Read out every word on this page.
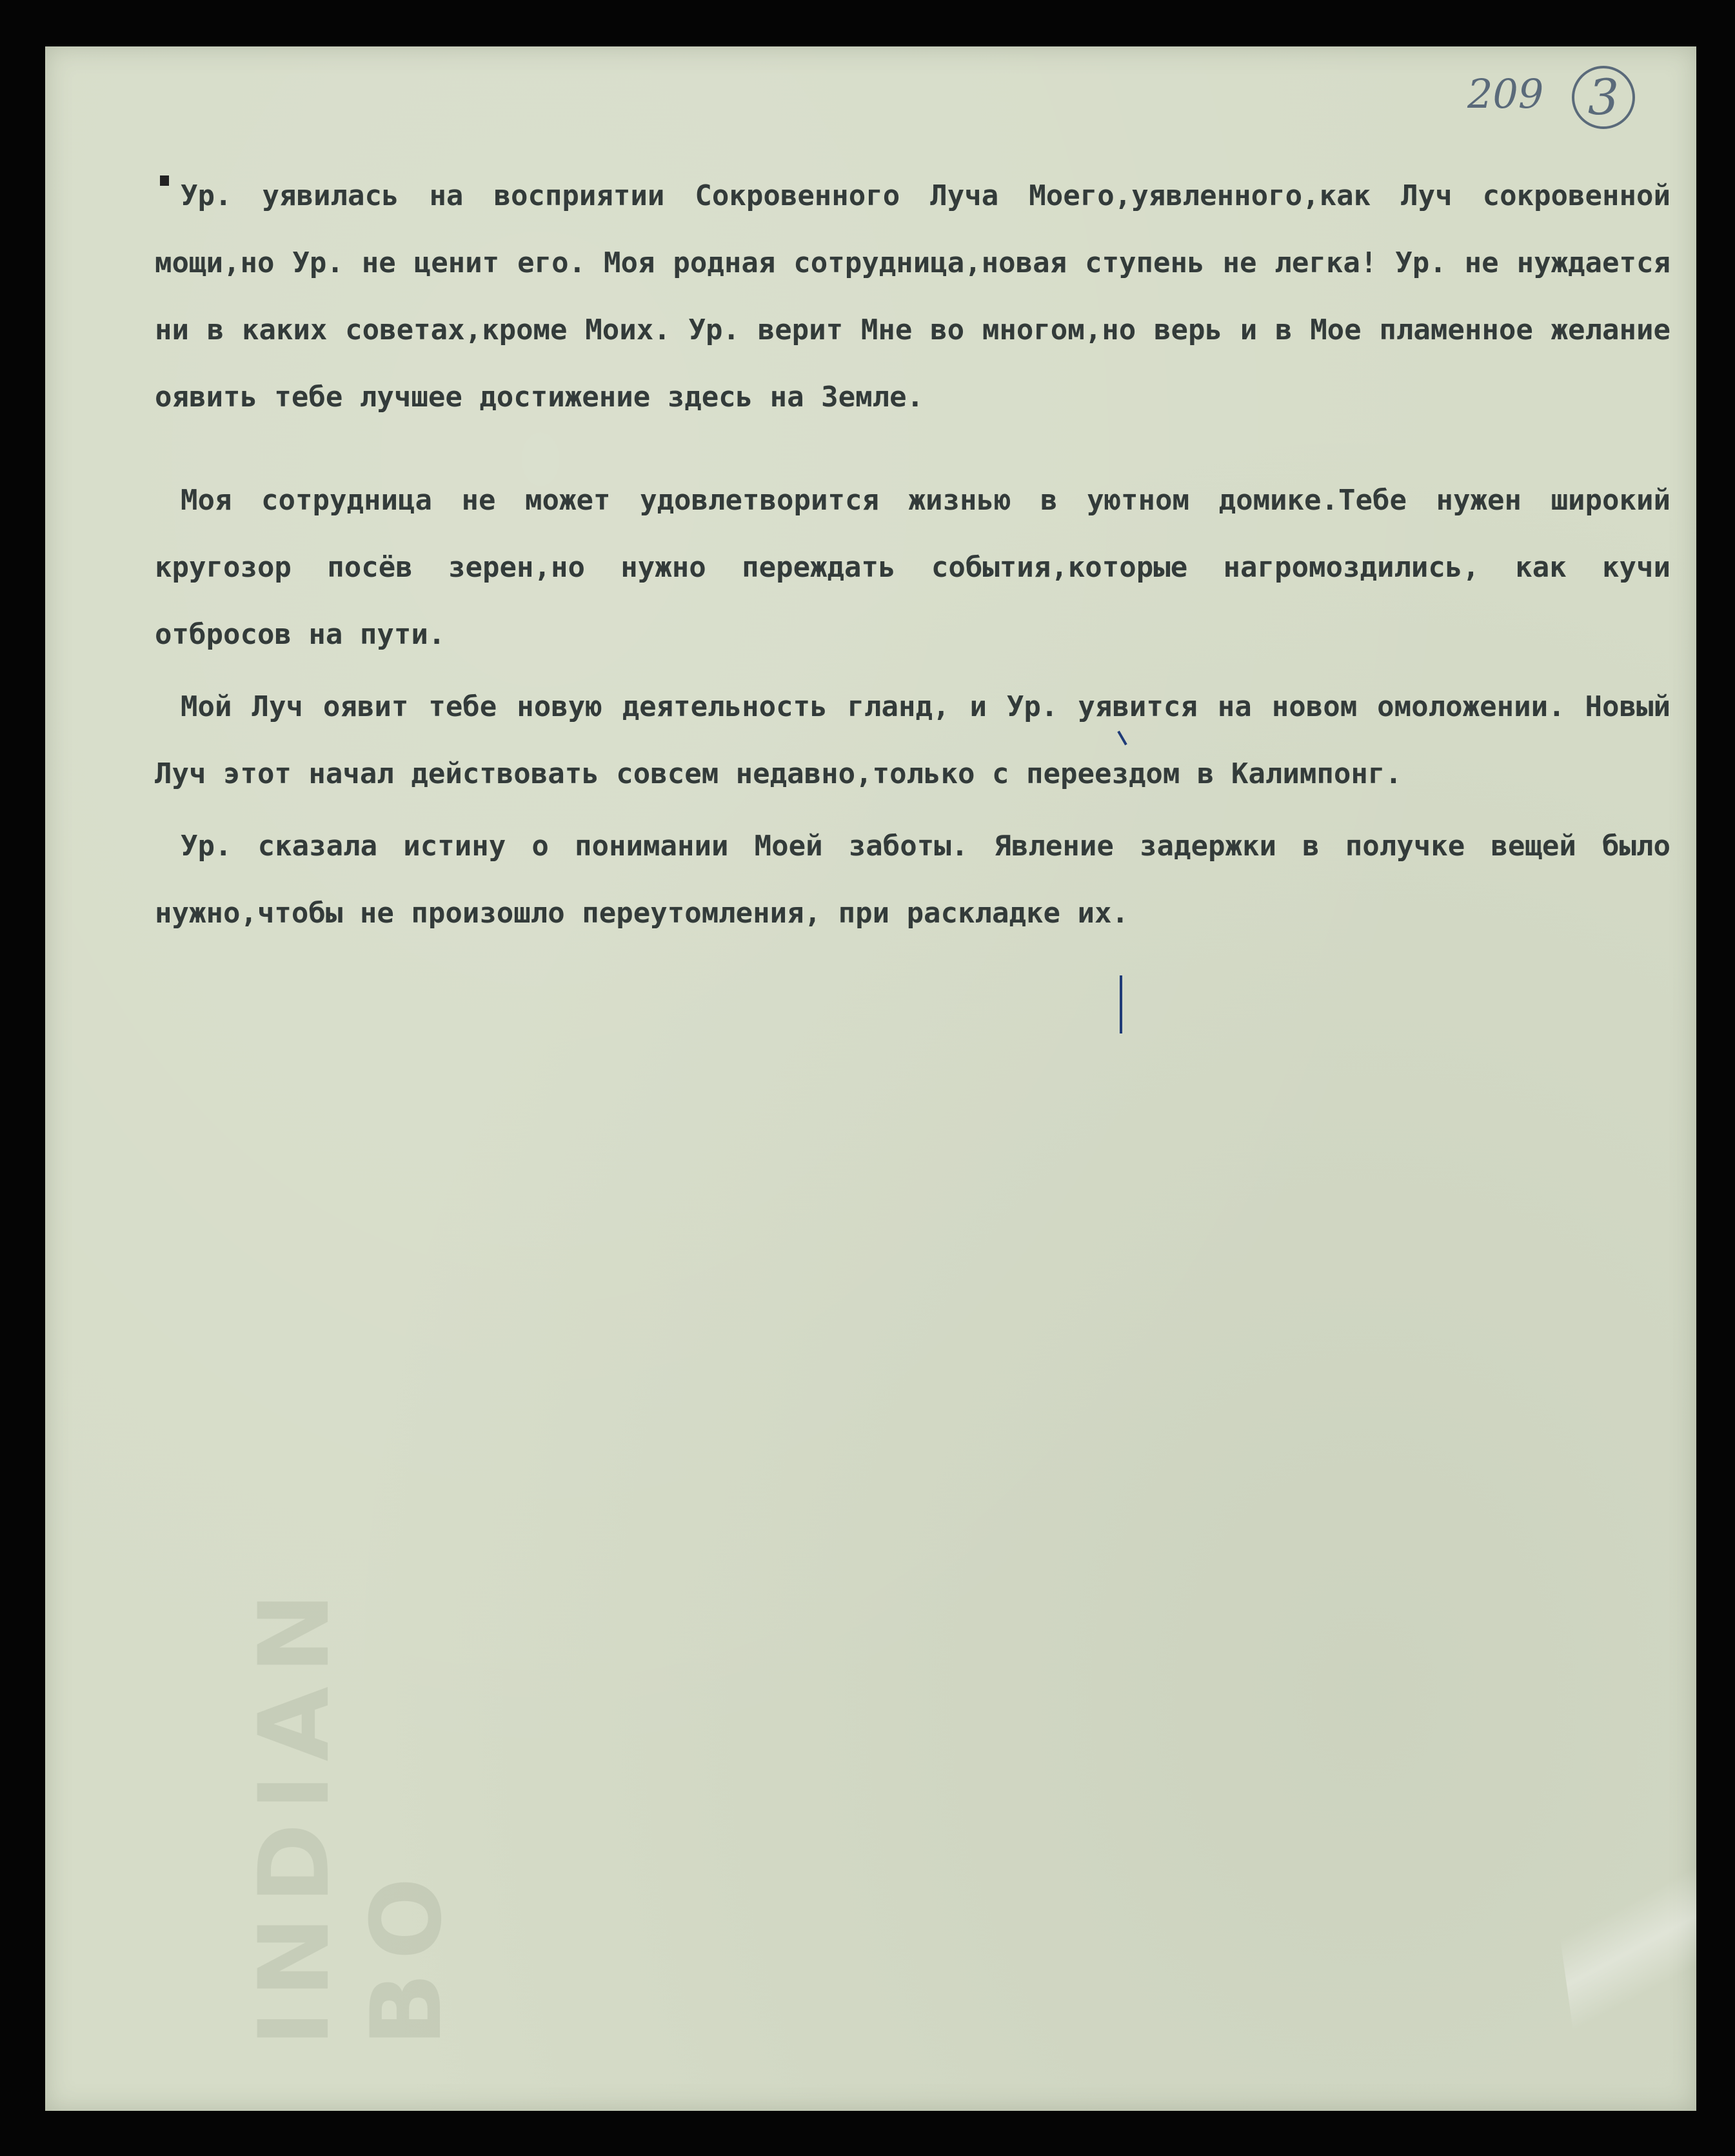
INDIAN BO
209 3

Ур. уявилась на восприятии Сокровенного Луча Моего,уявленного,как Луч сокровенной мощи,но Ур. не ценит его. Моя родная сотрудница,новая ступень не легка! Ур. не нуждается ни в каких советах,кроме Моих. Ур. верит Мне во многом,но верь и в Мое пламенное желание оявить тебе лучшее достижение здесь на Земле.

Моя сотрудница не может удовлетворится жизнью в уютном домике.Тебе нужен широкий кругозор посёв зерен,но нужно переждать события,которые нагромоздились, как кучи отбросов на пути.

Мой Луч оявит тебе новую деятельность гланд, и Ур. уявится на новом омоложении. Новый Луч этот начал действовать совсем недавно,только с переездом в Калимпонг.

Ур. сказала истину о понимании Моей заботы. Явление задержки в получке вещей было нужно,чтобы не произошло переутомления, при раскладке их.
